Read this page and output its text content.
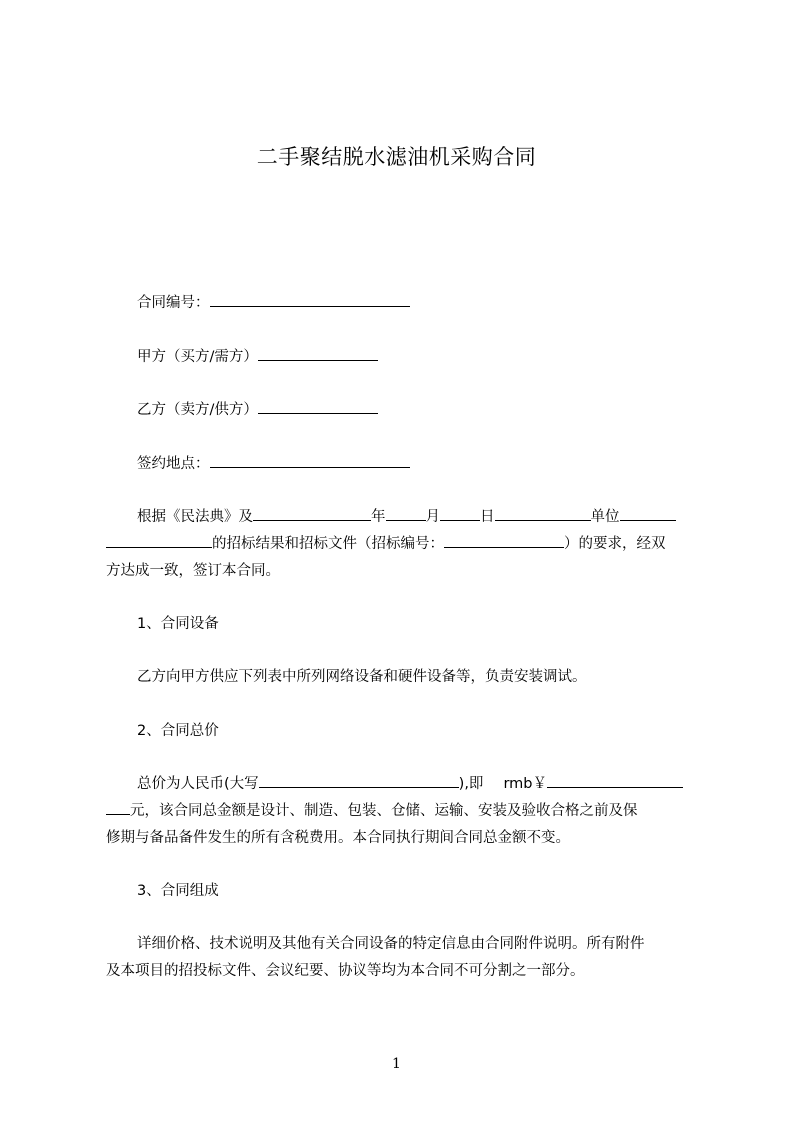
二手聚结脱水滤油机采购合同
合同编号：
甲方（买方/需方）
乙方（卖方/供方）
签约地点：
根据《民法典》及	年	月	日	单位
的招标结果和招标文件（招标编号：	）的要求，经双
方达成一致，签订本合同。
1、合同设备
乙方向甲方供应下列表中所列网络设备和硬件设备等，负责安装调试。
2、合同总价
总价为人民币(大写	),即 rmb￥
元，该合同总金额是设计、制造、包装、仓储、运输、安装及验收合格之前及保
修期与备品备件发生的所有含税费用。本合同执行期间合同总金额不变。
3、合同组成
详细价格、技术说明及其他有关合同设备的特定信息由合同附件说明。所有附件
及本项目的招投标文件、会议纪要、协议等均为本合同不可分割之一部分。
1
